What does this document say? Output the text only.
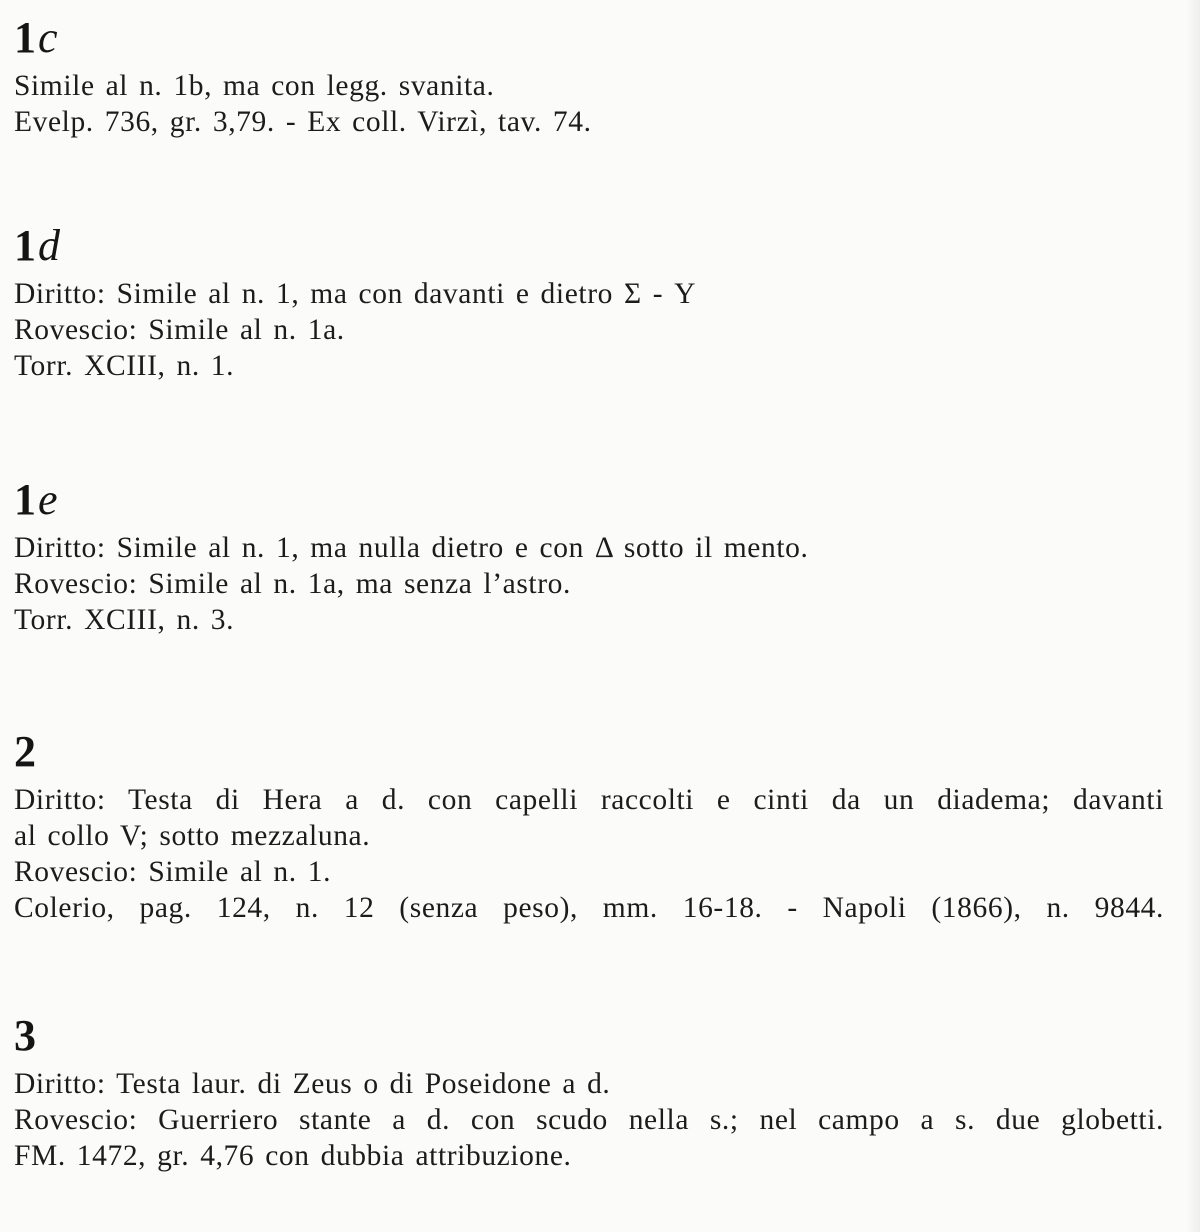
1c
Simile al n. 1b, ma con legg. svanita.
Evelp. 736, gr. 3,79. - Ex coll. Virzì, tav. 74.
1d
Diritto: Simile al n. 1, ma con davanti e dietro Σ - Y
Rovescio: Simile al n. 1a.
Torr. XCIII, n. 1.
1e
Diritto: Simile al n. 1, ma nulla dietro e con Δ sotto il mento.
Rovescio: Simile al n. 1a, ma senza l’astro.
Torr. XCIII, n. 3.
2
Diritto: Testa di Hera a d. con capelli raccolti e cinti da un diadema; davanti
al collo V; sotto mezzaluna.
Rovescio: Simile al n. 1.
Colerio, pag. 124, n. 12 (senza peso), mm. 16-18. - Napoli (1866), n. 9844.
3
Diritto: Testa laur. di Zeus o di Poseidone a d.
Rovescio: Guerriero stante a d. con scudo nella s.; nel campo a s. due globetti.
FM. 1472, gr. 4,76 con dubbia attribuzione.
